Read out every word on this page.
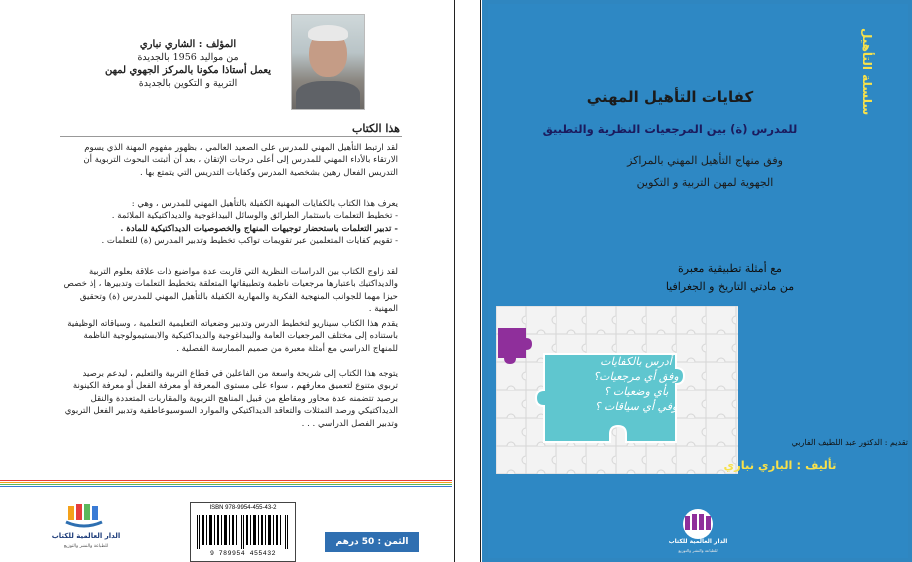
المؤلف : الشاري نباري
من مواليد 1956 بالجديدة
يعمل أستاذا مكونا بالمركز الجهوي لمهن
التربية و التكوين بالجديدة
هذا الكتاب
لقد ارتبط التأهيل المهني للمدرس على الصعيد العالمي ، بظهور مفهوم المهنة الذي يسوم الارتقاء بالأداء المهني للمدرس إلى أعلى درجات الإتقان ، بعد أن أثبتت البحوث التربوية أن التدريس الفعال رهين بشخصية المدرس وكفايات التدريس التي يتمتع بها .
يعرف هذا الكتاب بالكفايات المهنية الكفيلة بالتأهيل المهني للمدرس ، وهي :
- تخطيط التعلمات باستثمار الطرائق والوسائل البيداغوجية والديداكتيكية الملائمة .
- تدبير التعلمات باستحضار توجيهات المنهاج والخصوصيات الديداكتيكية للمادة .
- تقويم كفايات المتعلمين عبر تقويمات تواكب تخطيط وتدبير المدرس (ة) للتعلمات .
لقد زاوج الكتاب بين الدراسات النظرية التي قاربت عدة مواضيع ذات علاقة بعلوم التربية والديداكتيك باعتبارها مرجعيات ناظمة وتطبيقاتها المتعلقة بتخطيط التعلمات وتدبيرها ، إذ خصص حيزا مهما للجوانب المنهجية الفكرية والمهارية الكفيلة بالتأهيل المهني للمدرس (ة) وتحقيق المهنية .
يقدم هذا الكتاب سيناريو لتخطيط الدرس وتدبير وضعياته التعليمية التعلمية ، وسياقاته الوظيفية باستناده إلى مختلف المرجعيات العامة والبيداغوجية والديداكتيكية والابستيمولوجية الناظمة للمنهاج الدراسي مع أمثلة معبرة من صميم الممارسة الفصلية .
يتوجه هذا الكتاب إلى شريحة واسعة من الفاعلين في قطاع التربية والتعليم ، ليدعم برصيد تربوي متنوع لتعميق معارفهم ، سواء على مستوى المعرفة أو معرفة الفعل أو معرفة الكينونة برصيد تتضمنه عدة محاور ومقاطع من قبيل المناهج التربوية والمقاربات المتعددة والنقل الديداكتيكي ورصد التمثلات والتعاقد الديداكتيكي والموارد السوسيوعاطفية وتدبير الفعل التربوي وتدبير الفصل الدراسي . . .
الدار العالمية للكتاب
للطباعة والنشر والتوزيع
ISBN 978-9954-455-43-2
9 789954 455432
الثمن : 50 درهم
سلسلة التأهيل
كفايات التأهيل المهني
للمدرس (ة) بين المرجعيات النظرية والتطبيق
وفق منهاج التأهيل المهني بالمراكز
الجهوية لمهن التربية و التكوين
مع أمثلة تطبيقية معبرة
من مادتي التاريخ و الجغرافيا
أدرس بالكفايات
وفق أي مرجعيات؟
بأي وضعيات ؟
وفي أي سياقات ؟
تقديم : الدكتور عبد اللطيف الفاربي
تأليف : الباري نباري
الدار العالمية للكتاب
للطباعة والنشر والتوزيع
